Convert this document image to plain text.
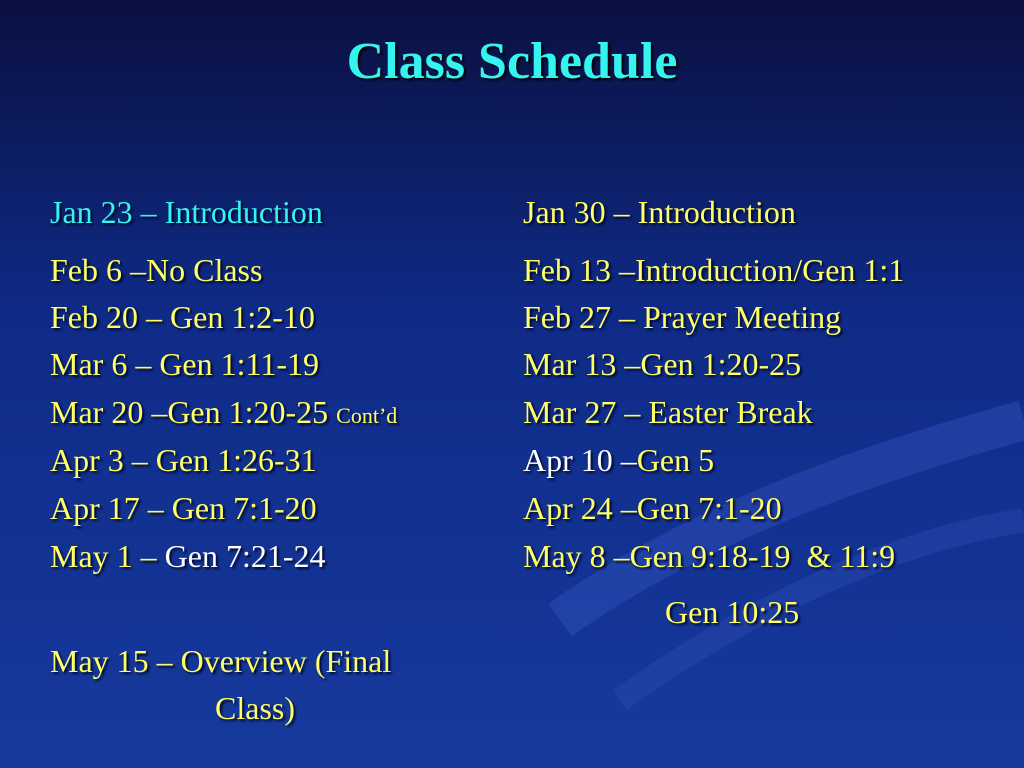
Class Schedule
Jan 23 – Introduction
Feb 6 –No Class
Feb 20 – Gen 1:2-10
Mar 6 – Gen 1:11-19
Mar 20 –Gen 1:20-25 Cont’d
Apr 3 – Gen 1:26-31
Apr 17 – Gen 7:1-20
May 1 – Gen 7:21-24
May 15 – Overview (Final
Class)
Jan 30 – Introduction
Feb 13 –Introduction/Gen 1:1
Feb 27 – Prayer Meeting
Mar 13 –Gen 1:20-25
Mar 27 – Easter Break
Apr 10 –Gen 5
Apr 24 –Gen 7:1-20
May 8 –Gen 9:18-19  & 11:9
Gen 10:25
